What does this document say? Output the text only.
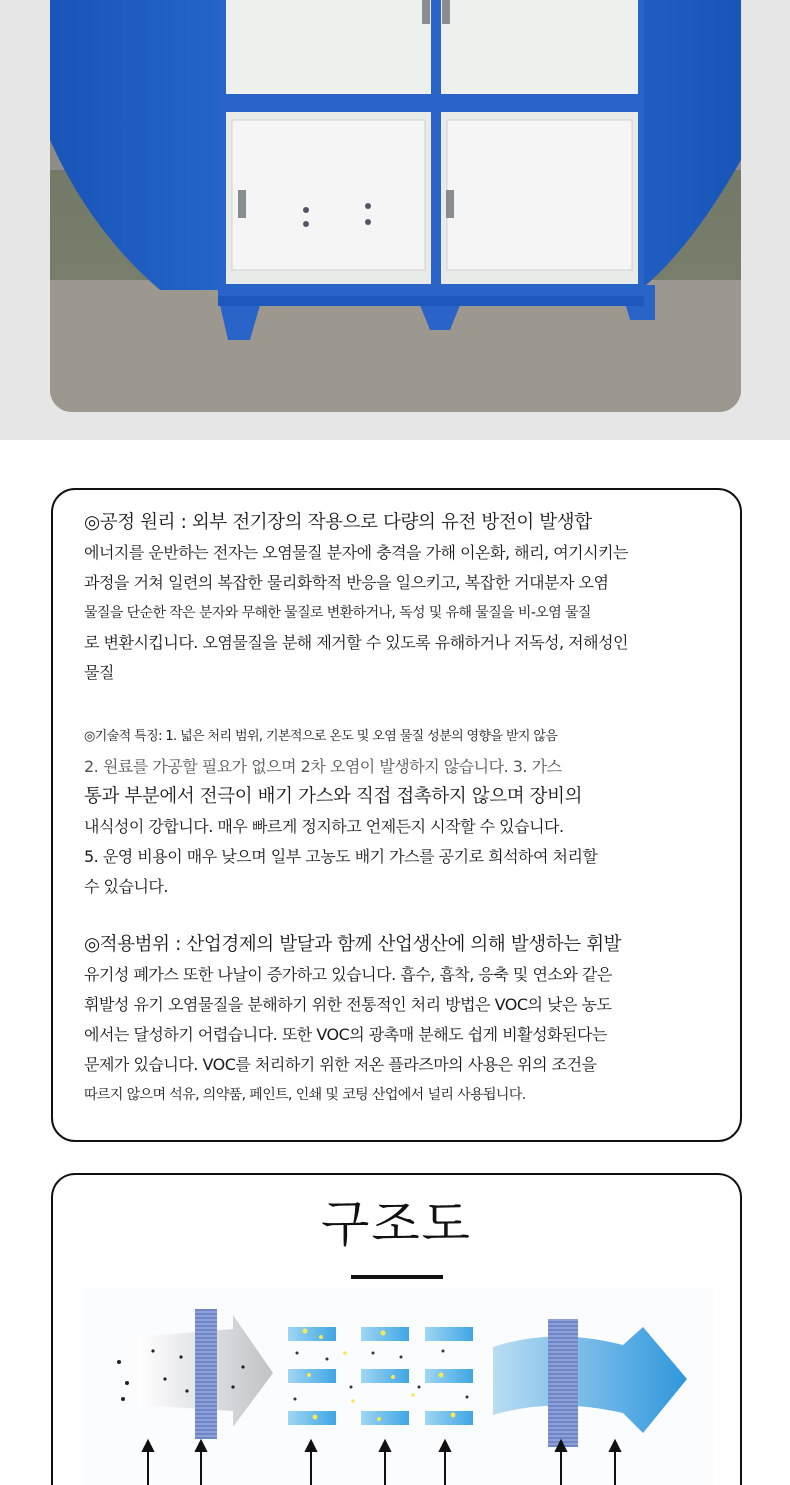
◎공정 원리 : 외부 전기장의 작용으로 다량의 유전 방전이 발생합

에너지를 운반하는 전자는 오염물질 분자에 충격을 가해 이온화, 해리, 여기시키는

과정을 거쳐 일련의 복잡한 물리화학적 반응을 일으키고, 복잡한 거대분자 오염

물질을 단순한 작은 분자와 무해한 물질로 변환하거나, 독성 및 유해 물질을 비-오염 물질

로 변환시킵니다. 오염물질을 분해 제거할 수 있도록 유해하거나 저독성, 저해성인

물질

◎기술적 특징: 1. 넓은 처리 범위, 기본적으로 온도 및 오염 물질 성분의 영향을 받지 않음

2. 원료를 가공할 필요가 없으며 2차 오염이 발생하지 않습니다. 3. 가스

통과 부분에서 전극이 배기 가스와 직접 접촉하지 않으며 장비의

내식성이 강합니다. 매우 빠르게 정지하고 언제든지 시작할 수 있습니다.

5. 운영 비용이 매우 낮으며 일부 고농도 배기 가스를 공기로 희석하여 처리할

수 있습니다.

◎적용범위 : 산업경제의 발달과 함께 산업생산에 의해 발생하는 휘발

유기성 폐가스 또한 나날이 증가하고 있습니다. 흡수, 흡착, 응축 및 연소와 같은

휘발성 유기 오염물질을 분해하기 위한 전통적인 처리 방법은 VOC의 낮은 농도

에서는 달성하기 어렵습니다. 또한 VOC의 광촉매 분해도 쉽게 비활성화된다는

문제가 있습니다. VOC를 처리하기 위한 저온 플라즈마의 사용은 위의 조건을

따르지 않으며 석유, 의약품, 페인트, 인쇄 및 코팅 산업에서 널리 사용됩니다.

구조도
